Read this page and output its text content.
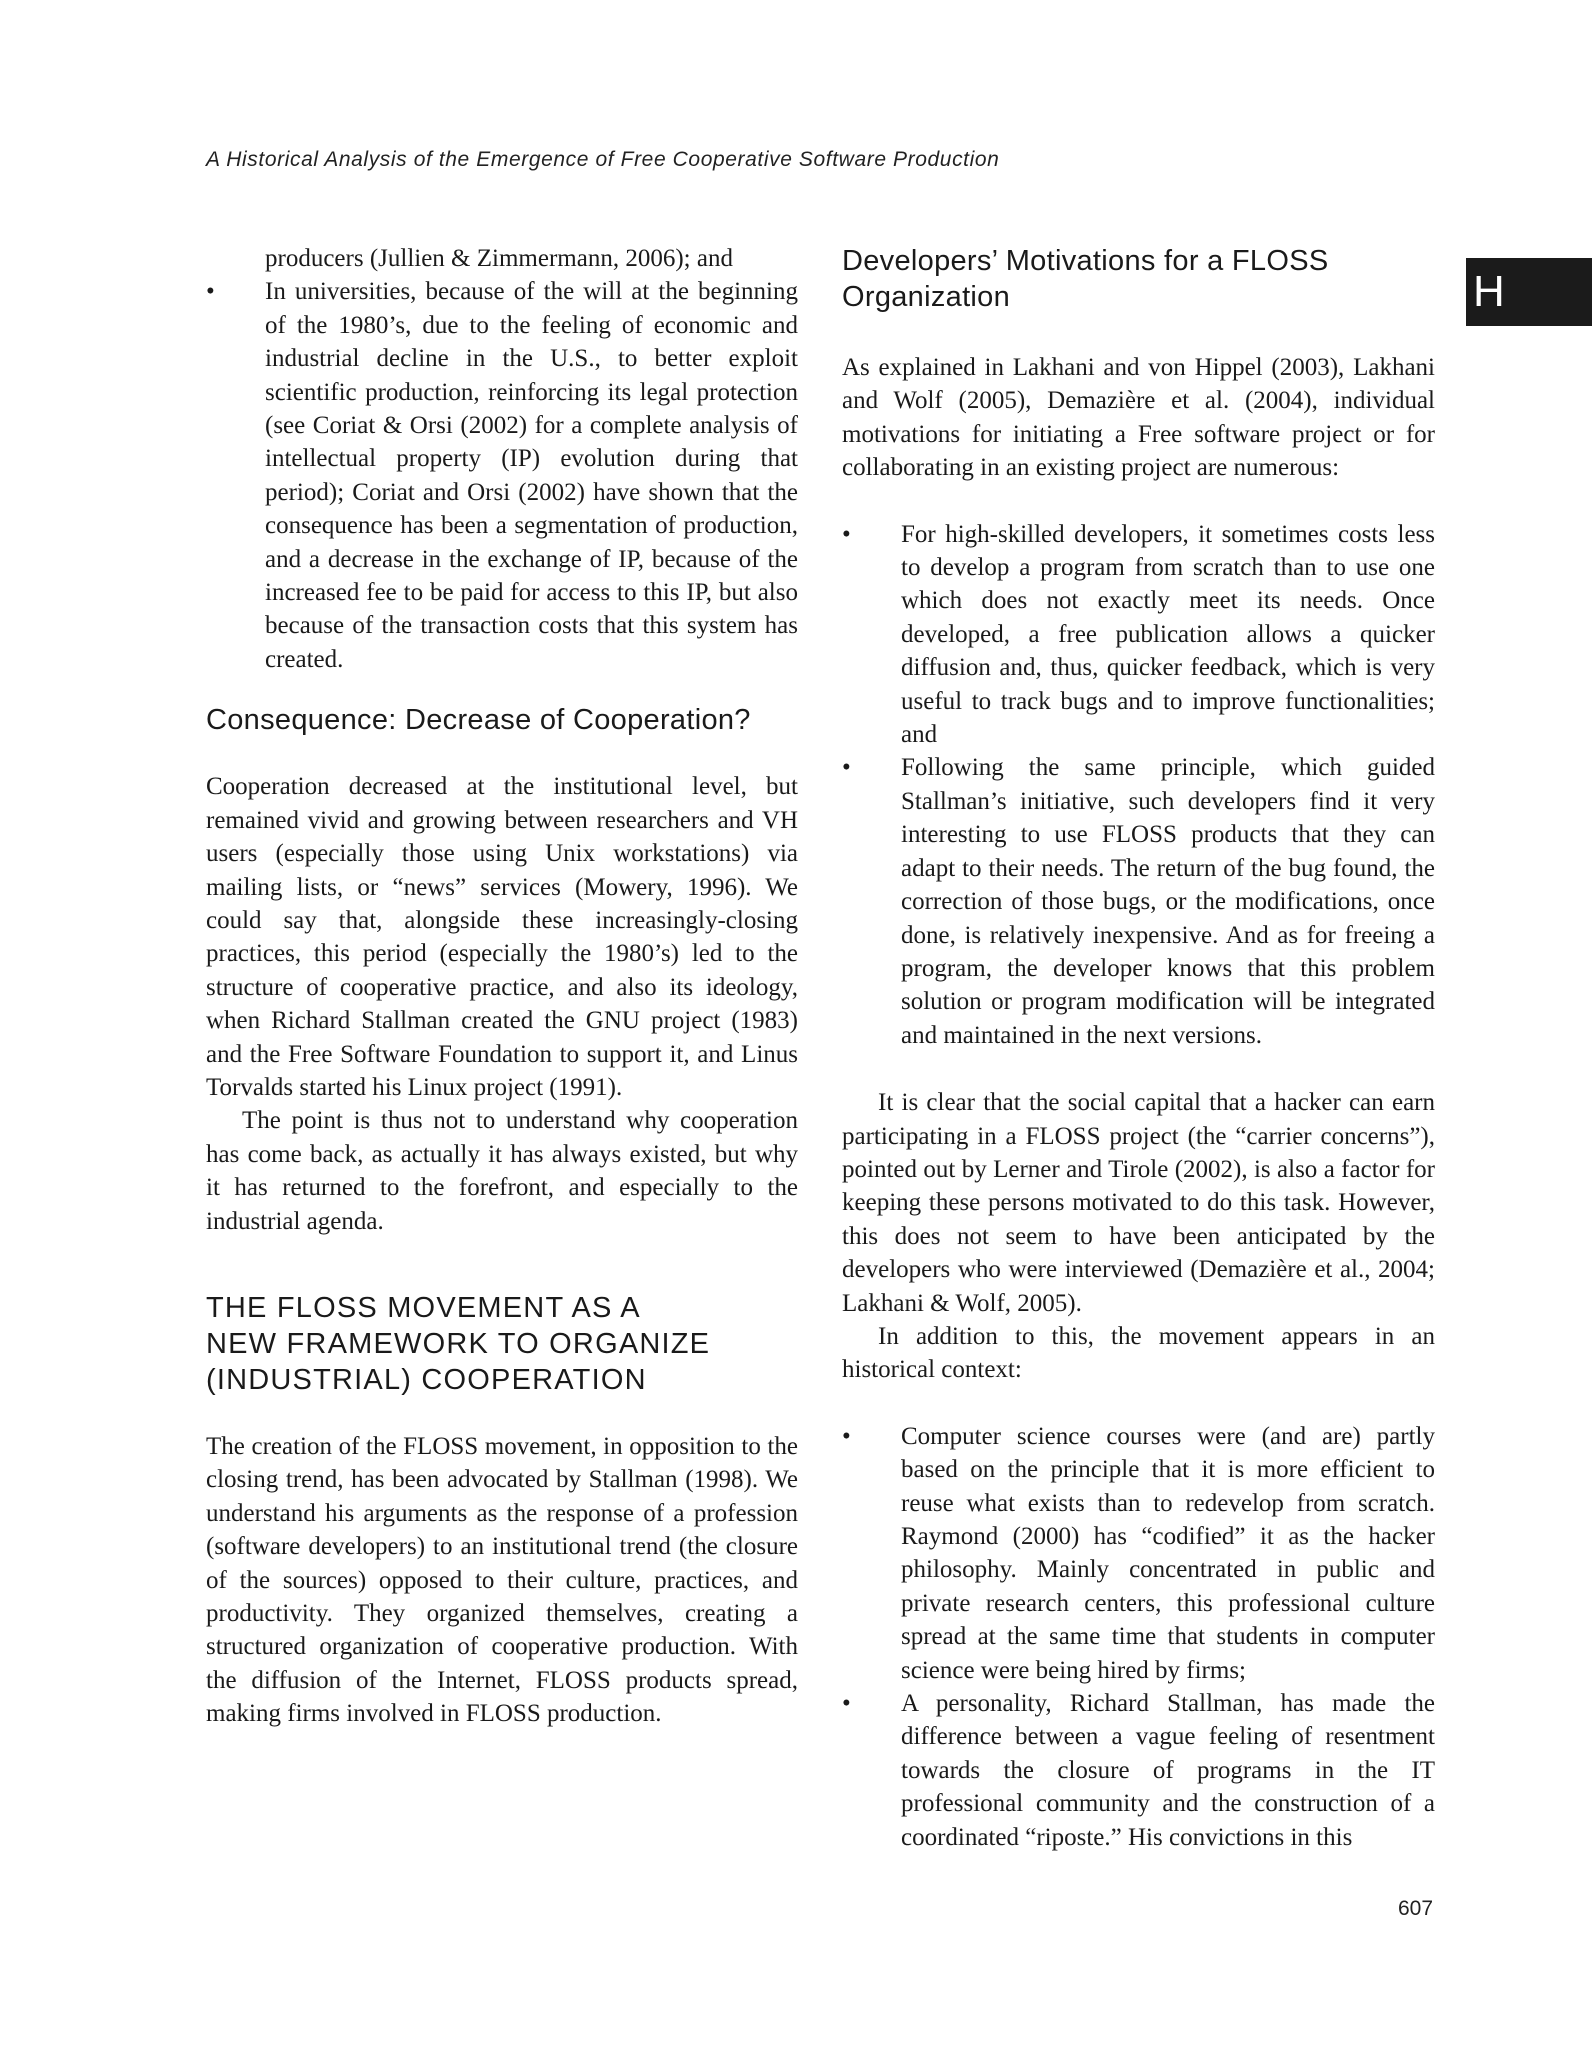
A Historical Analysis of the Emergence of Free Cooperative Software Production
H

producers (Jullien & Zimmermann, 2006); and

• In universities, because of the will at the beginning of the 1980’s, due to the feeling of economic and industrial decline in the U.S., to better exploit scientific production, reinforcing its legal protection (see Coriat & Orsi (2002) for a complete analysis of intellectual property (IP) evolution during that period); Coriat and Orsi (2002) have shown that the consequence has been a segmentation of production, and a decrease in the exchange of IP, because of the increased fee to be paid for access to this IP, but also because of the transaction costs that this system has created.
Consequence: Decrease of Cooperation?

Cooperation decreased at the institutional level, but remained vivid and growing between researchers and VH users (especially those using Unix workstations) via mailing lists, or “news” services (Mowery, 1996). We could say that, alongside these increasingly-closing practices, this period (especially the 1980’s) led to the structure of cooperative practice, and also its ideology, when Richard Stallman created the GNU project (1983) and the Free Software Foundation to support it, and Linus Torvalds started his Linux project (1991).

The point is thus not to understand why cooperation has come back, as actually it has always existed, but why it has returned to the forefront, and especially to the industrial agenda.

THE FLOSS MOVEMENT AS A
NEW FRAMEWORK TO ORGANIZE
(INDUSTRIAL) COOPERATION

The creation of the FLOSS movement, in opposition to the closing trend, has been advocated by Stallman (1998). We understand his arguments as the response of a profession (software developers) to an institutional trend (the closure of the sources) opposed to their culture, practices, and productivity. They organized themselves, creating a structured organization of cooperative production. With the diffusion of the Internet, FLOSS products spread, making firms involved in FLOSS production.

Developers’ Motivations for a FLOSS
Organization

As explained in Lakhani and von Hippel (2003), Lakhani and Wolf (2005), Demazière et al. (2004), individual motivations for initiating a Free software project or for collaborating in an existing project are numerous:

• For high-skilled developers, it sometimes costs less to develop a program from scratch than to use one which does not exactly meet its needs. Once developed, a free publication allows a quicker diffusion and, thus, quicker feedback, which is very useful to track bugs and to improve functionalities; and
• Following the same principle, which guided Stallman’s initiative, such developers find it very interesting to use FLOSS products that they can adapt to their needs. The return of the bug found, the correction of those bugs, or the modifications, once done, is relatively inexpensive. And as for freeing a program, the developer knows that this problem solution or program modification will be integrated and maintained in the next versions.

It is clear that the social capital that a hacker can earn participating in a FLOSS project (the “carrier concerns”), pointed out by Lerner and Tirole (2002), is also a factor for keeping these persons motivated to do this task. However, this does not seem to have been anticipated by the developers who were interviewed (Demazière et al., 2004; Lakhani & Wolf, 2005).

In addition to this, the movement appears in an historical context:

• Computer science courses were (and are) partly based on the principle that it is more efficient to reuse what exists than to redevelop from scratch. Raymond (2000) has “codified” it as the hacker philosophy. Mainly concentrated in public and private research centers, this professional culture spread at the same time that students in computer science were being hired by firms;
• A personality, Richard Stallman, has made the difference between a vague feeling of resentment towards the closure of programs in the IT professional community and the construction of a coordinated “riposte.” His convictions in this
607
